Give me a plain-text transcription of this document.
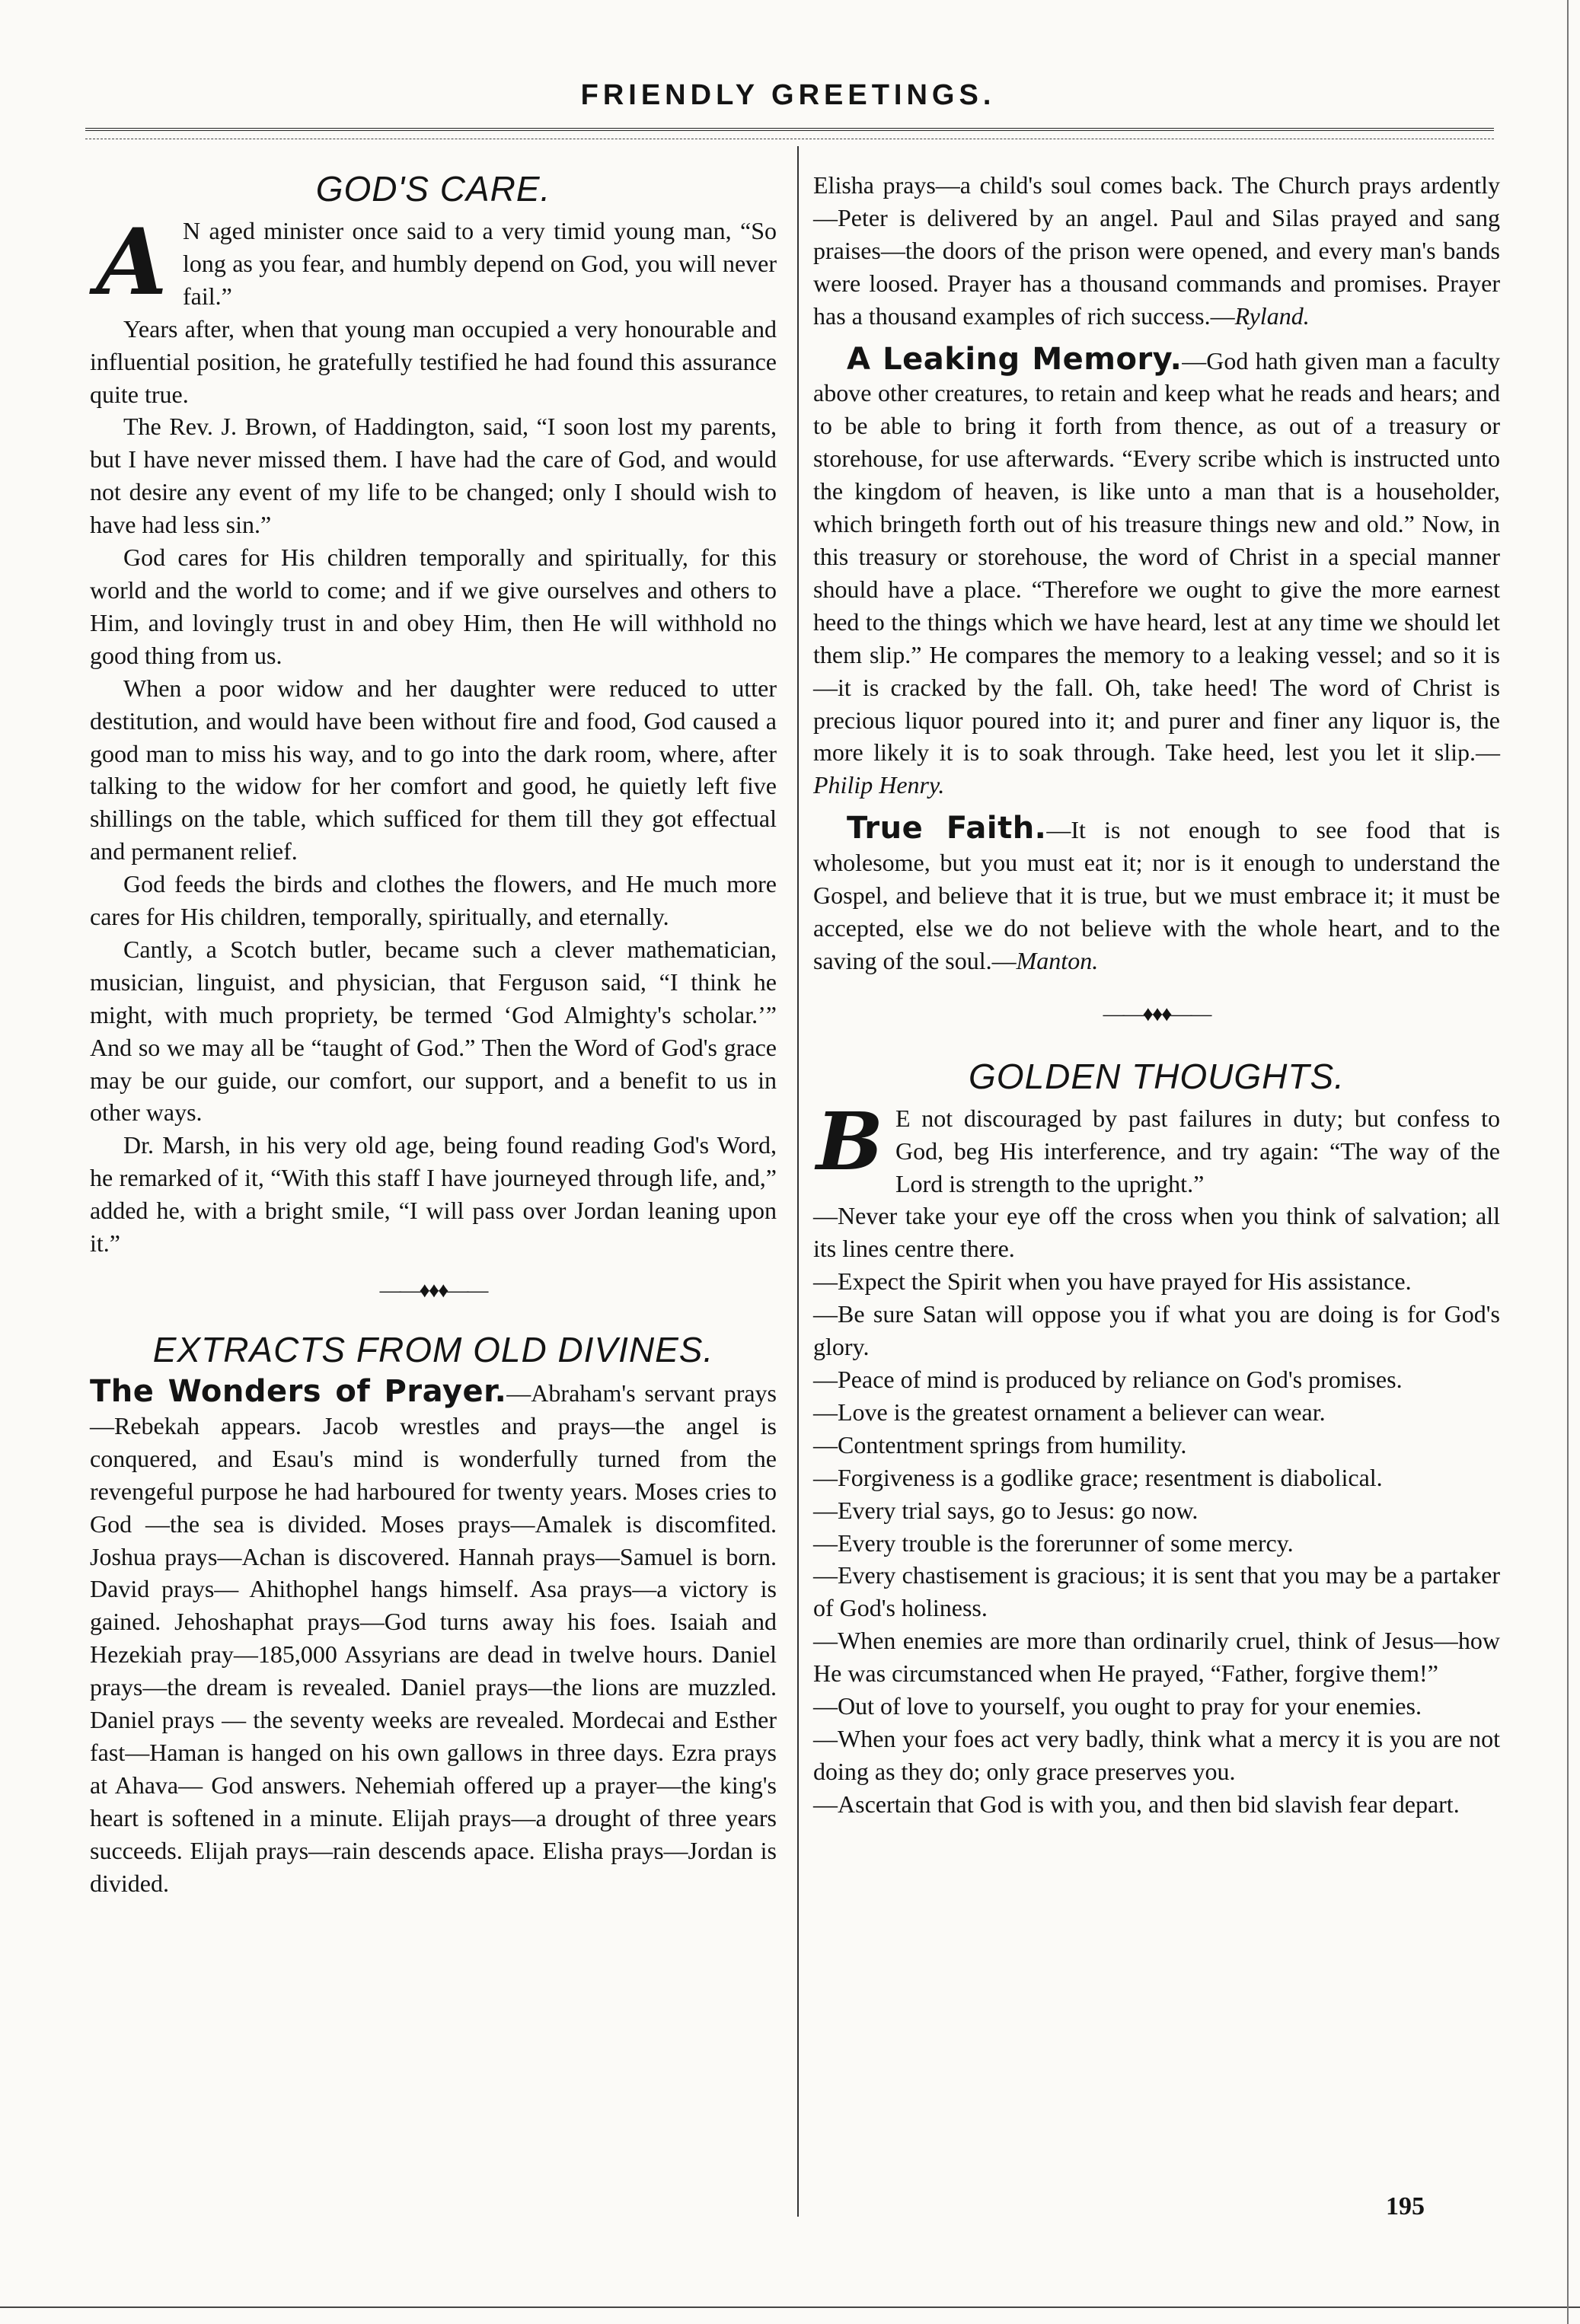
FRIENDLY GREETINGS.
GOD'S CARE.
A N aged minister once said to a very timid young man, “So long as you fear, and humbly depend on God, you will never fail.”

Years after, when that young man occupied a very honourable and influential position, he gratefully testified he had found this assurance quite true.

The Rev. J. Brown, of Haddington, said, “I soon lost my parents, but I have never missed them. I have had the care of God, and would not desire any event of my life to be changed; only I should wish to have had less sin.”

God cares for His children temporally and spiritually, for this world and the world to come; and if we give ourselves and others to Him, and lovingly trust in and obey Him, then He will withhold no good thing from us.

When a poor widow and her daughter were reduced to utter destitution, and would have been without fire and food, God caused a good man to miss his way, and to go into the dark room, where, after talking to the widow for her comfort and good, he quietly left five shillings on the table, which sufficed for them till they got effectual and permanent relief.

God feeds the birds and clothes the flowers, and He much more cares for His children, temporally, spiritually, and eternally.

Cantly, a Scotch butler, became such a clever mathematician, musician, linguist, and physician, that Ferguson said, “I think he might, with much propriety, be termed ‘God Almighty's scholar.’” And so we may all be “taught of God.” Then the Word of God's grace may be our guide, our comfort, our support, and a benefit to us in other ways.

Dr. Marsh, in his very old age, being found reading God's Word, he remarked of it, “With this staff I have journeyed through life, and,” added he, with a bright smile, “I will pass over Jordan leaning upon it.”

——♦♦♦——
EXTRACTS FROM OLD DIVINES.

The Wonders of Prayer.—Abraham's servant prays—Rebekah appears. Jacob wrestles and prays—the angel is conquered, and Esau's mind is wonderfully turned from the revengeful purpose he had harboured for twenty years. Moses cries to God —the sea is divided. Moses prays—Amalek is discomfited. Joshua prays—Achan is discovered. Hannah prays—Samuel is born. David prays— Ahithophel hangs himself. Asa prays—a victory is gained. Jehoshaphat prays—God turns away his foes. Isaiah and Hezekiah pray—185,000 Assyrians are dead in twelve hours. Daniel prays—the dream is revealed. Daniel prays—the lions are muzzled. Daniel prays — the seventy weeks are revealed. Mordecai and Esther fast—Haman is hanged on his own gallows in three days. Ezra prays at Ahava— God answers. Nehemiah offered up a prayer—the king's heart is softened in a minute. Elijah prays—a drought of three years succeeds. Elijah prays—rain descends apace. Elisha prays—Jordan is divided.

Elisha prays—a child's soul comes back. The Church prays ardently—Peter is delivered by an angel. Paul and Silas prayed and sang praises—the doors of the prison were opened, and every man's bands were loosed. Prayer has a thousand commands and promises. Prayer has a thousand examples of rich success.—Ryland.

A Leaking Memory.—God hath given man a faculty above other creatures, to retain and keep what he reads and hears; and to be able to bring it forth from thence, as out of a treasury or storehouse, for use afterwards. “Every scribe which is instructed unto the kingdom of heaven, is like unto a man that is a householder, which bringeth forth out of his treasure things new and old.” Now, in this treasury or storehouse, the word of Christ in a special manner should have a place. “Therefore we ought to give the more earnest heed to the things which we have heard, lest at any time we should let them slip.” He compares the memory to a leaking vessel; and so it is—it is cracked by the fall. Oh, take heed! The word of Christ is precious liquor poured into it; and purer and finer any liquor is, the more likely it is to soak through. Take heed, lest you let it slip.—Philip Henry.

True Faith.—It is not enough to see food that is wholesome, but you must eat it; nor is it enough to understand the Gospel, and believe that it is true, but we must embrace it; it must be accepted, else we do not believe with the whole heart, and to the saving of the soul.—Manton.

——♦♦♦——
GOLDEN THOUGHTS.
B E not discouraged by past failures in duty; but confess to God, beg His interference, and try again: “The way of the Lord is strength to the upright.”

—Never take your eye off the cross when you think of salvation; all its lines centre there.

—Expect the Spirit when you have prayed for His assistance.

—Be sure Satan will oppose you if what you are doing is for God's glory.

—Peace of mind is produced by reliance on God's promises.

—Love is the greatest ornament a believer can wear.

—Contentment springs from humility.

—Forgiveness is a godlike grace; resentment is diabolical.

—Every trial says, go to Jesus: go now.

—Every trouble is the forerunner of some mercy.

—Every chastisement is gracious; it is sent that you may be a partaker of God's holiness.

—When enemies are more than ordinarily cruel, think of Jesus—how He was circumstanced when He prayed, “Father, forgive them!”

—Out of love to yourself, you ought to pray for your enemies.

—When your foes act very badly, think what a mercy it is you are not doing as they do; only grace preserves you.

—Ascertain that God is with you, and then bid slavish fear depart.

195
